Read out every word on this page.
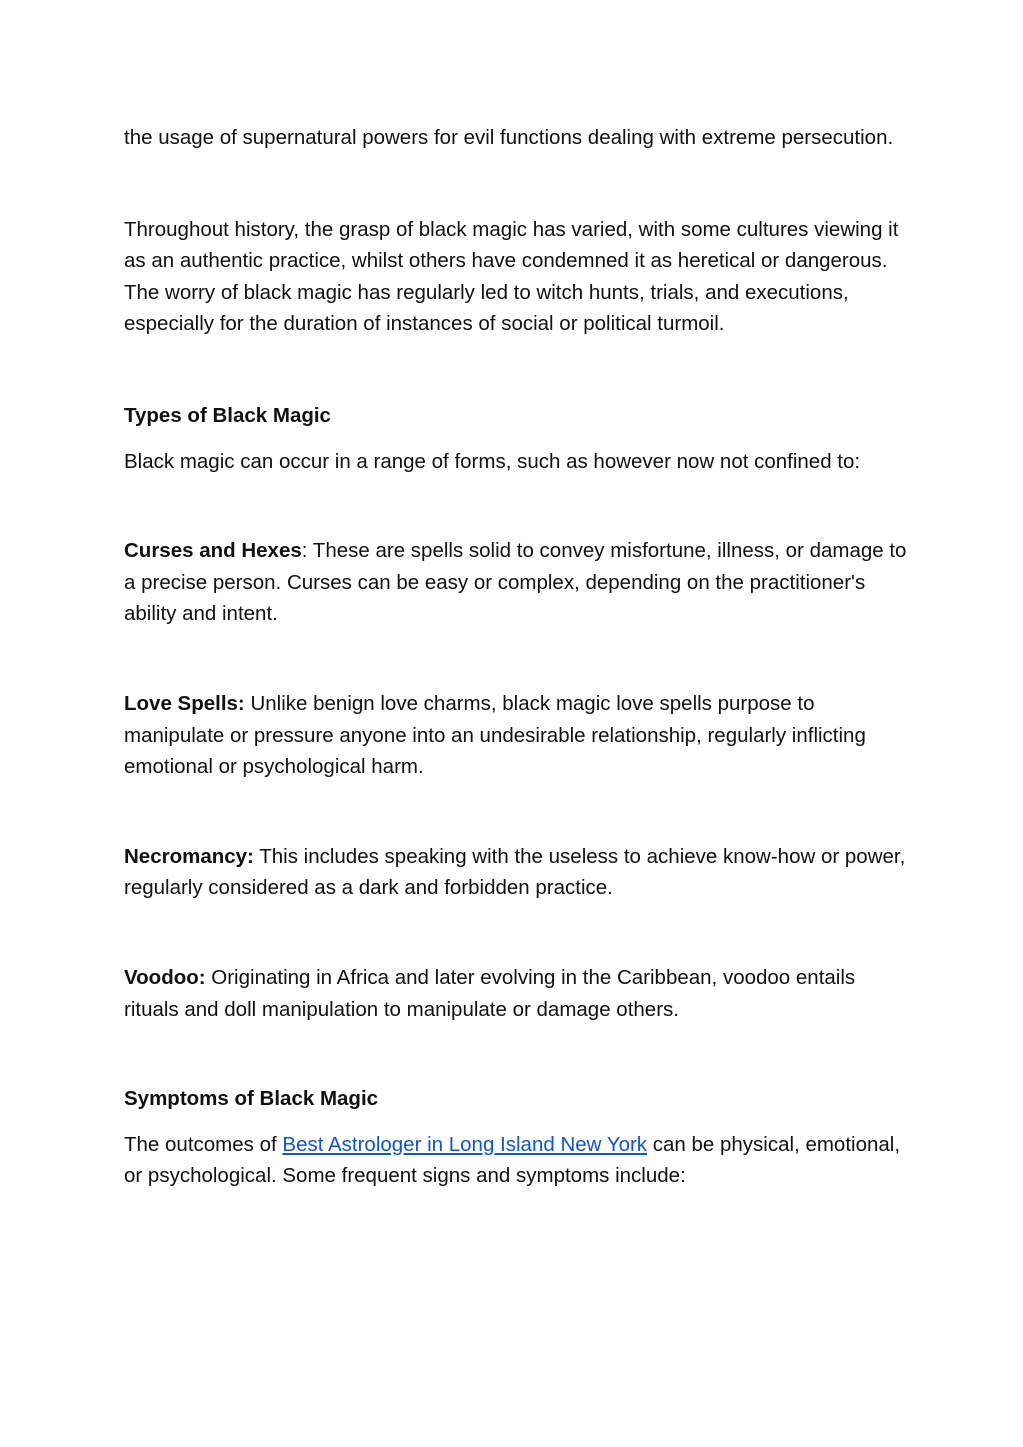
the usage of supernatural powers for evil functions dealing with extreme persecution.

Throughout history, the grasp of black magic has varied, with some cultures viewing it as an authentic practice, whilst others have condemned it as heretical or dangerous. The worry of black magic has regularly led to witch hunts, trials, and executions, especially for the duration of instances of social or political turmoil.

Types of Black Magic

Black magic can occur in a range of forms, such as however now not confined to:

Curses and Hexes: These are spells solid to convey misfortune, illness, or damage to a precise person. Curses can be easy or complex, depending on the practitioner's ability and intent.

Love Spells: Unlike benign love charms, black magic love spells purpose to manipulate or pressure anyone into an undesirable relationship, regularly inflicting emotional or psychological harm.

Necromancy: This includes speaking with the useless to achieve know-how or power, regularly considered as a dark and forbidden practice.

Voodoo: Originating in Africa and later evolving in the Caribbean, voodoo entails rituals and doll manipulation to manipulate or damage others.

Symptoms of Black Magic

The outcomes of Best Astrologer in Long Island New York can be physical, emotional, or psychological. Some frequent signs and symptoms include:
